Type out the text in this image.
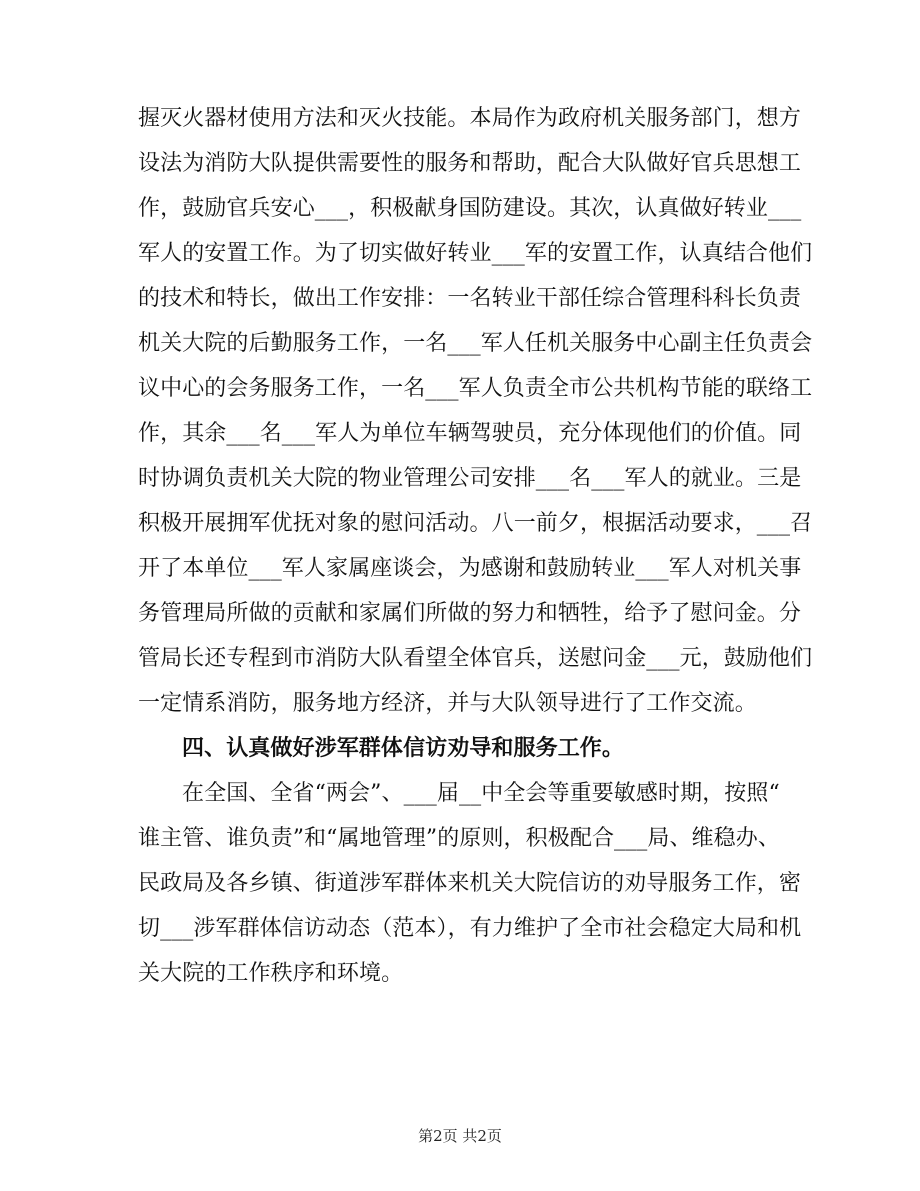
握灭火器材使用方法和灭火技能。本局作为政府机关服务部门，想方
设法为消防大队提供需要性的服务和帮助，配合大队做好官兵思想工
作，鼓励官兵安心___，积极献身国防建设。其次，认真做好转业___
军人的安置工作。为了切实做好转业___军的安置工作，认真结合他们
的技术和特长，做出工作安排：一名转业干部任综合管理科科长负责
机关大院的后勤服务工作，一名___军人任机关服务中心副主任负责会
议中心的会务服务工作，一名___军人负责全市公共机构节能的联络工
作，其余___名___军人为单位车辆驾驶员，充分体现他们的价值。同
时协调负责机关大院的物业管理公司安排___名___军人的就业。三是
积极开展拥军优抚对象的慰问活动。八一前夕，根据活动要求，___召
开了本单位___军人家属座谈会，为感谢和鼓励转业___军人对机关事
务管理局所做的贡献和家属们所做的努力和牺牲，给予了慰问金。分
管局长还专程到市消防大队看望全体官兵，送慰问金___元，鼓励他们
一定情系消防，服务地方经济，并与大队领导进行了工作交流。
四、认真做好涉军群体信访劝导和服务工作。
在全国、全省“两会”、___届__中全会等重要敏感时期，按照“
谁主管、谁负责”和“属地管理”的原则，积极配合___局、维稳办、
民政局及各乡镇、街道涉军群体来机关大院信访的劝导服务工作，密
切___涉军群体信访动态（范本），有力维护了全市社会稳定大局和机
关大院的工作秩序和环境。
第2页 共2页
